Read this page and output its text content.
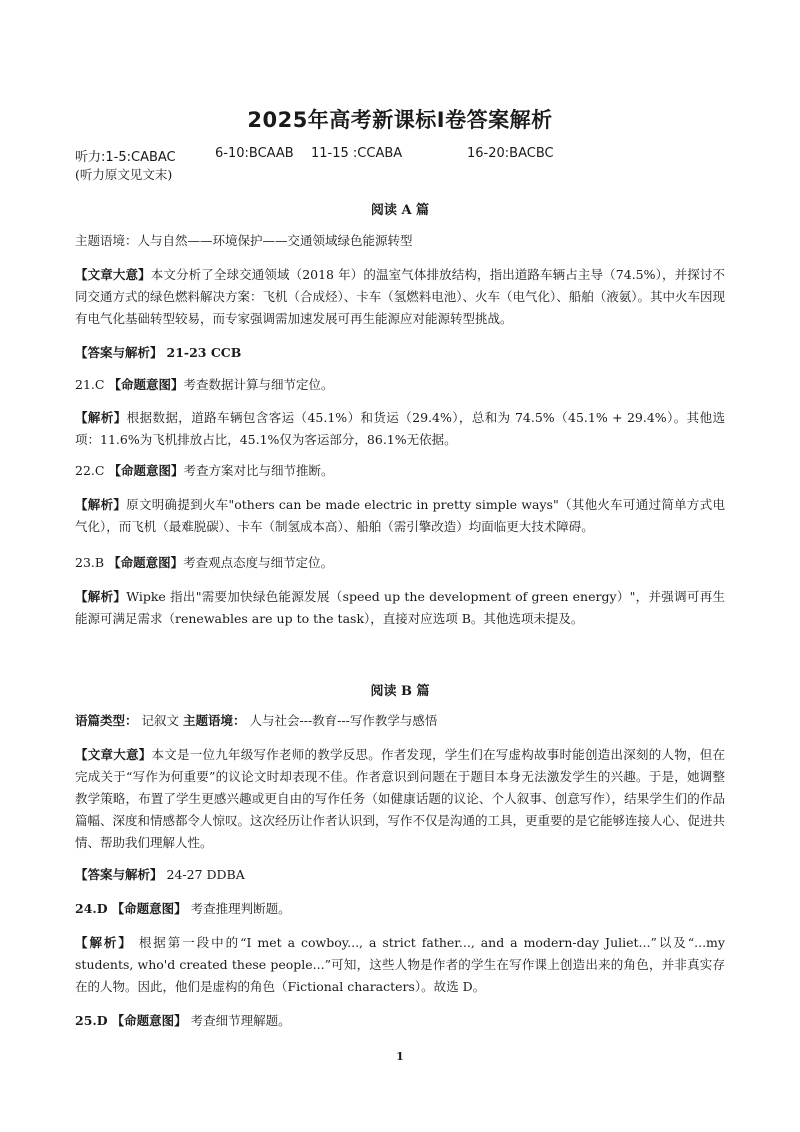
2025年高考新课标Ⅰ卷答案解析
听力:1-5:CABAC	6-10:BCAAB 11-15 :CCABA	16-20:BACBC
(听力原文见文末)
阅读 A 篇
主题语境：人与自然——环境保护——交通领域绿色能源转型
【文章大意】本文分析了全球交通领域（2018 年）的温室气体排放结构，指出道路车辆占主导（74.5%），并探讨不同交通方式的绿色燃料解决方案：飞机（合成烃）、卡车（氢燃料电池）、火车（电气化）、船舶（液氨）。其中火车因现有电气化基础转型较易，而专家强调需加速发展可再生能源应对能源转型挑战。
【答案与解析】 21-23 CCB
21.C 【命题意图】考查数据计算与细节定位。
【解析】根据数据，道路车辆包含客运（45.1%）和货运（29.4%），总和为 74.5%（45.1% + 29.4%）。其他选项：11.6%为飞机排放占比，45.1%仅为客运部分，86.1%无依据。
22.C 【命题意图】考查方案对比与细节推断。
【解析】原文明确提到火车"others can be made electric in pretty simple ways"（其他火车可通过简单方式电气化），而飞机（最难脱碳）、卡车（制氢成本高）、船舶（需引擎改造）均面临更大技术障碍。
23.B 【命题意图】考查观点态度与细节定位。
【解析】Wipke 指出"需要加快绿色能源发展（speed up the development of green energy）"，并强调可再生能源可满足需求（renewables are up to the task），直接对应选项 B。其他选项未提及。
阅读 B 篇
语篇类型： 记叙文 主题语境： 人与社会---教育---写作教学与感悟
【文章大意】本文是一位九年级写作老师的教学反思。作者发现，学生们在写虚构故事时能创造出深刻的人物，但在完成关于“写作为何重要”的议论文时却表现不佳。作者意识到问题在于题目本身无法激发学生的兴趣。于是，她调整教学策略，布置了学生更感兴趣或更自由的写作任务（如健康话题的议论、个人叙事、创意写作），结果学生们的作品篇幅、深度和情感都令人惊叹。这次经历让作者认识到，写作不仅是沟通的工具，更重要的是它能够连接人心、促进共情、帮助我们理解人性。
【答案与解析】 24-27 DDBA
24.D 【命题意图】 考查推理判断题。
【解析】 根据第一段中的“I met a cowboy..., a strict father..., and a modern-day Juliet...”以及“...my students, who'd created these people...”可知，这些人物是作者的学生在写作课上创造出来的角色，并非真实存在的人物。因此，他们是虚构的角色（Fictional characters）。故选 D。
25.D 【命题意图】 考查细节理解题。
1
